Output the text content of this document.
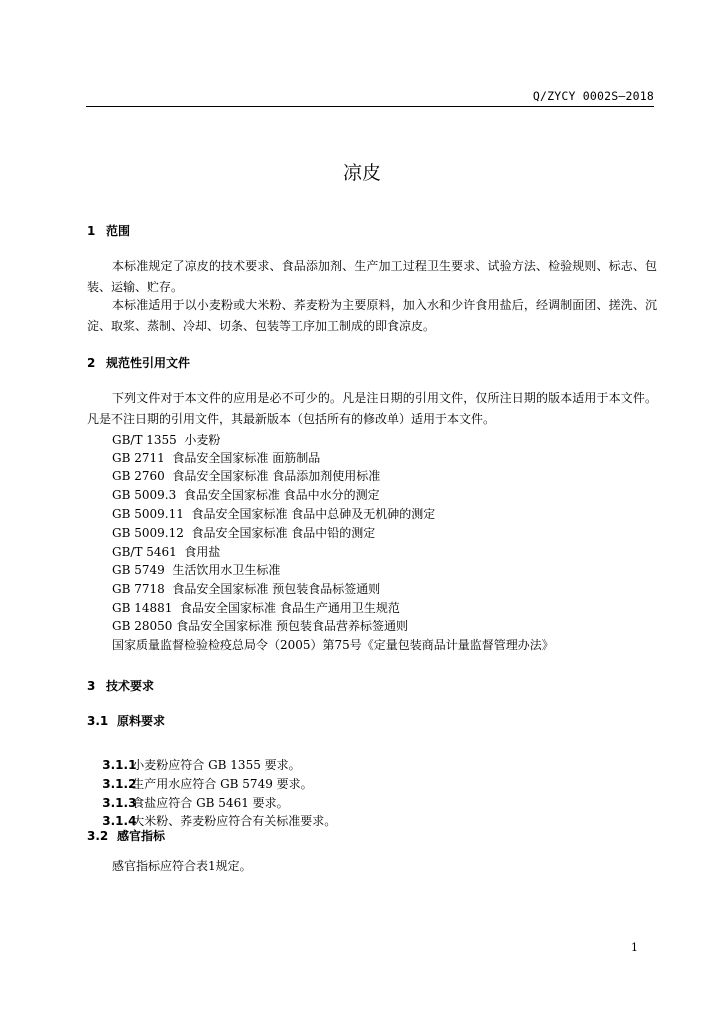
Q/ZYCY 0002S—2018
凉皮
1 范围

本标准规定了凉皮的技术要求、食品添加剂、生产加工过程卫生要求、试验方法、检验规则、标志、包装、运输、贮存。

本标准适用于以小麦粉或大米粉、荞麦粉为主要原料，加入水和少许食用盐后，经调制面团、搓洗、沉淀、取浆、蒸制、冷却、切条、包装等工序加工制成的即食凉皮。

2 规范性引用文件

下列文件对于本文件的应用是必不可少的。凡是注日期的引用文件，仅所注日期的版本适用于本文件。凡是不注日期的引用文件，其最新版本（包括所有的修改单）适用于本文件。

GB/T 1355  小麦粉
GB 2711  食品安全国家标准 面筋制品
GB 2760  食品安全国家标准 食品添加剂使用标准
GB 5009.3  食品安全国家标准 食品中水分的测定
GB 5009.11  食品安全国家标准 食品中总砷及无机砷的测定
GB 5009.12  食品安全国家标准 食品中铅的测定
GB/T 5461  食用盐
GB 5749  生活饮用水卫生标准
GB 7718  食品安全国家标准 预包装食品标签通则
GB 14881  食品安全国家标准 食品生产通用卫生规范
GB 28050 食品安全国家标准 预包装食品营养标签通则
国家质量监督检验检疫总局令（2005）第75号《定量包装商品计量监督管理办法》
3 技术要求
3.1 原料要求

3.1.1小麦粉应符合 GB 1355 要求。

3.1.2生产用水应符合 GB 5749 要求。

3.1.3食盐应符合 GB 5461 要求。

3.1.4大米粉、荞麦粉应符合有关标准要求。

3.2 感官指标
感官指标应符合表1规定。
1
